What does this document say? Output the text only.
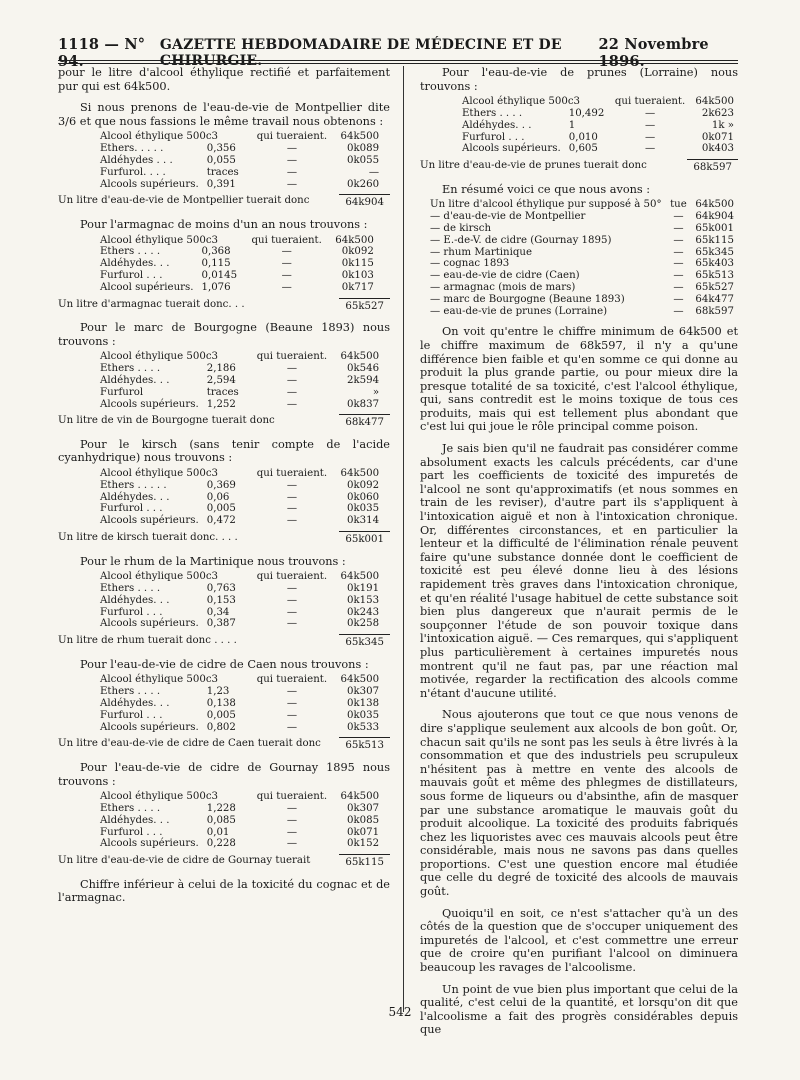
1118 — N° 94.
GAZETTE HEBDOMADAIRE DE MÉDECINE ET DE CHIRURGIE.
22 Novembre 1896.

pour le litre d'alcool éthylique rectifié et parfaitement pur qui est 64k500.

Si nous prenons de l'eau-de-vie de Montpellier dite 3/6 et que nous fassions le même travail nous obtenons :

Alcool éthylique 500c3		qui tueraient.	64k500
Ethers. . . . .	0,356	—	0k089
Aldéhydes . . .	0,055	—	0k055
Furfurol. . . .	traces	—	—
Alcools supérieurs.	0,391	—	0k260
Un litre d'eau-de-vie de Montpellier tuerait donc	64k904

Pour l'armagnac de moins d'un an nous trouvons :

Alcool éthylique 500c3		qui tueraient.	64k500
Ethers . . . .	0,368	—	0k092
Aldéhydes. . .	0,115	—	0k115
Furfurol . . .	0,0145	—	0k103
Alcool supérieurs.	1,076	—	0k717
Un litre d'armagnac tuerait donc. . .	65k527

Pour le marc de Bourgogne (Beaune 1893) nous trouvons :

Alcool éthylique 500c3		qui tueraient.	64k500
Ethers . . . .	2,186	—	0k546
Aldéhydes. . .	2,594	—	2k594
Furfurol	traces	—	»
Alcools supérieurs.	1,252	—	0k837
Un litre de vin de Bourgogne tuerait donc	68k477

Pour le kirsch (sans tenir compte de l'acide cyanhydrique) nous trouvons :

Alcool éthylique 500c3		qui tueraient.	64k500
Ethers . . . . .	0,369	—	0k092
Aldéhydes. . .	0,06	—	0k060
Furfurol . . .	0,005	—	0k035
Alcools supérieurs.	0,472	—	0k314
Un litre de kirsch tuerait donc. . . .	65k001

Pour le rhum de la Martinique nous trouvons :

Alcool éthylique 500c3		qui tueraient.	64k500
Ethers . . . .	0,763	—	0k191
Aldéhydes. . .	0,153	—	0k153
Furfurol . . .	0,34	—	0k243
Alcools supérieurs.	0,387	—	0k258
Un litre de rhum tuerait donc . . . .	65k345

Pour l'eau-de-vie de cidre de Caen nous trouvons :

Alcool éthylique 500c3		qui tueraient.	64k500
Ethers . . . .	1,23	—	0k307
Aldéhydes. . .	0,138	—	0k138
Furfurol . . .	0,005	—	0k035
Alcools supérieurs.	0,802	—	0k533
Un litre d'eau-de-vie de cidre de Caen tuerait donc	65k513

Pour l'eau-de-vie de cidre de Gournay 1895 nous trouvons :

Alcool éthylique 500c3		qui tueraient.	64k500
Ethers . . . .	1,228	—	0k307
Aldéhydes. . .	0,085	—	0k085
Furfurol . . .	0,01	—	0k071
Alcools supérieurs.	0,228	—	0k152
Un litre d'eau-de-vie de cidre de Gournay tuerait	65k115

Chiffre inférieur à celui de la toxicité du cognac et de l'armagnac.

Pour l'eau-de-vie de prunes (Lorraine) nous trouvons :

Alcool éthylique 500c3		qui tueraient.	64k500
Ethers . . . .	10,492	—	2k623
Aldéhydes. . .	1	—	1k »
Furfurol . . .	0,010	—	0k071
Alcools supérieurs.	0,605	—	0k403
Un litre d'eau-de-vie de prunes tuerait donc	68k597

En résumé voici ce que nous avons :

Un litre d'alcool éthylique pur supposé à 50°	tue	64k500
— d'eau-de-vie de Montpellier	—	64k904
— de kirsch	—	65k001
— E.-de-V. de cidre (Gournay 1895)	—	65k115
— rhum Martinique	—	65k345
— cognac 1893	—	65k403
— eau-de-vie de cidre (Caen)	—	65k513
— armagnac (mois de mars)	—	65k527
— marc de Bourgogne (Beaune 1893)	—	64k477
— eau-de-vie de prunes (Lorraine)	—	68k597

On voit qu'entre le chiffre minimum de 64k500 et le chiffre maximum de 68k597, il n'y a qu'une différence bien faible et qu'en somme ce qui donne au produit la plus grande partie, ou pour mieux dire la presque totalité de sa toxicité, c'est l'alcool éthylique, qui, sans contredit est le moins toxique de tous ces produits, mais qui est tellement plus abondant que c'est lui qui joue le rôle principal comme poison.

Je sais bien qu'il ne faudrait pas considérer comme absolument exacts les calculs précédents, car d'une part les coefficients de toxicité des impuretés de l'alcool ne sont qu'approximatifs (et nous sommes en train de les reviser), d'autre part ils s'appliquent à l'intoxication aiguë et non à l'intoxication chronique. Or, différentes circonstances, et en particulier la lenteur et la difficulté de l'élimination rénale peuvent faire qu'une substance donnée dont le coefficient de toxicité est peu élevé donne lieu à des lésions rapidement très graves dans l'intoxication chronique, et qu'en réalité l'usage habituel de cette substance soit bien plus dangereux que n'aurait permis de le soupçonner l'étude de son pouvoir toxique dans l'intoxication aiguë. — Ces remarques, qui s'appliquent plus particulièrement à certaines impuretés nous montrent qu'il ne faut pas, par une réaction mal motivée, regarder la rectification des alcools comme n'étant d'aucune utilité.

Nous ajouterons que tout ce que nous venons de dire s'applique seulement aux alcools de bon goût. Or, chacun sait qu'ils ne sont pas les seuls à être livrés à la consommation et que des industriels peu scrupuleux n'hésitent pas à mettre en vente des alcools de mauvais goût et même des phlegmes de distillateurs, sous forme de liqueurs ou d'absinthe, afin de masquer par une substance aromatique le mauvais goût du produit alcoolique. La toxicité des produits fabriqués chez les liquoristes avec ces mauvais alcools peut être considérable, mais nous ne savons pas dans quelles proportions. C'est une question encore mal étudiée que celle du degré de toxicité des alcools de mauvais goût.

Quoiqu'il en soit, ce n'est s'attacher qu'à un des côtés de la question que de s'occuper uniquement des impuretés de l'alcool, et c'est commettre une erreur que de croire qu'en purifiant l'alcool on diminuera beaucoup les ravages de l'alcoolisme.

Un point de vue bien plus important que celui de la qualité, c'est celui de la quantité, et lorsqu'on dit que l'alcoolisme a fait des progrès considérables depuis que

542
